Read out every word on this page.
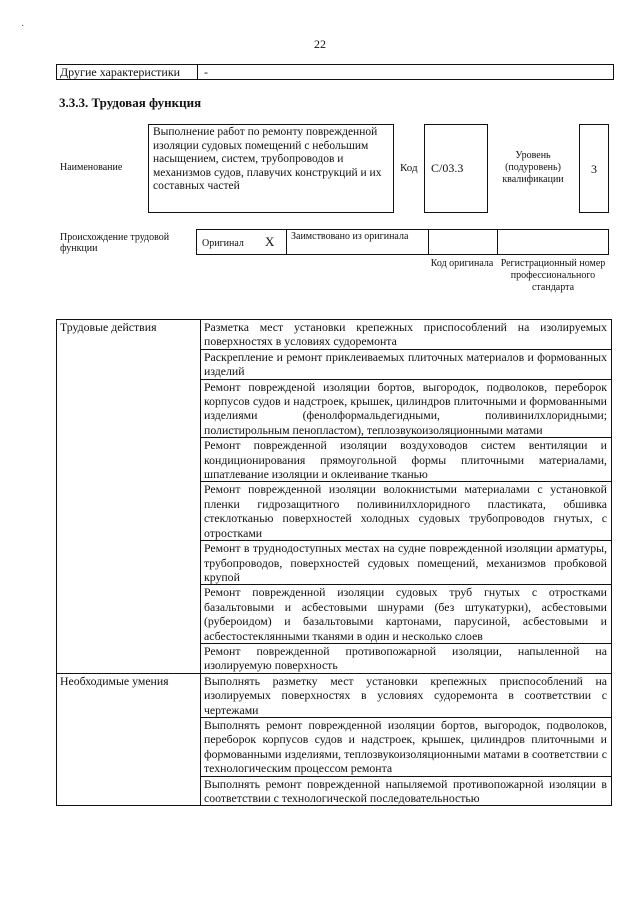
22
·
Другие характеристики -
3.3.3. Трудовая функция
Наименование
Выполнение работ по ремонту поврежденной изоляции судовых помещений с небольшим насыщением, систем, трубопроводов и механизмов судов, плавучих конструкций и их составных частей
Код	C/03.3
Уровень (подуровень) квалификации
3
Происхождение трудовой функции	Оригинал X Заимствовано из оригинала
Код оригинала Регистрационный номер профессионального стандарта
Трудовые действия	Разметка мест установки крепежных приспособлений на изолируемых поверхностях в условиях судоремонта
	Раскрепление и ремонт приклеиваемых плиточных материалов и формованных изделий
	Ремонт поврежденой изоляции бортов, выгородок, подволоков, переборок корпусов судов и надстроек, крышек, цилиндров плиточными и формованными изделиями (фенолформальдегидными, поливинилхлоридными; полистирольным пенопластом), теплозвукоизоляционными матами
	Ремонт поврежденной изоляции воздуховодов систем вентиляции и кондиционирования прямоугольной формы плиточными материалами, шпатлевание изоляции и оклеивание тканью
	Ремонт поврежденной изоляции волокнистыми материалами с установкой пленки гидрозащитного поливинилхлоридного пластиката, обшивка стеклотканью поверхностей холодных судовых трубопроводов гнутых, с отростками
	Ремонт в труднодоступных местах на судне поврежденной изоляции арматуры, трубопроводов, поверхностей судовых помещений, механизмов пробковой крупой
	Ремонт поврежденной изоляции судовых труб гнутых с отростками базальтовыми и асбестовыми шнурами (без штукатурки), асбестовыми (рубероидом) и базальтовыми картонами, парусиной, асбестовыми и асбестостеклянными тканями в один и несколько слоев
	Ремонт поврежденной противопожарной изоляции, напыленной на изолируемую поверхность
Необходимые умения	Выполнять разметку мест установки крепежных приспособлений на изолируемых поверхностях в условиях судоремонта в соответствии с чертежами
	Выполнять ремонт поврежденной изоляции бортов, выгородок, подволоков, переборок корпусов судов и надстроек, крышек, цилиндров плиточными и формованными изделиями, теплозвукоизоляционными матами в соответствии с технологическим процессом ремонта
	Выполнять ремонт поврежденной напыляемой противопожарной изоляции в соответствии с технологической последовательностью
